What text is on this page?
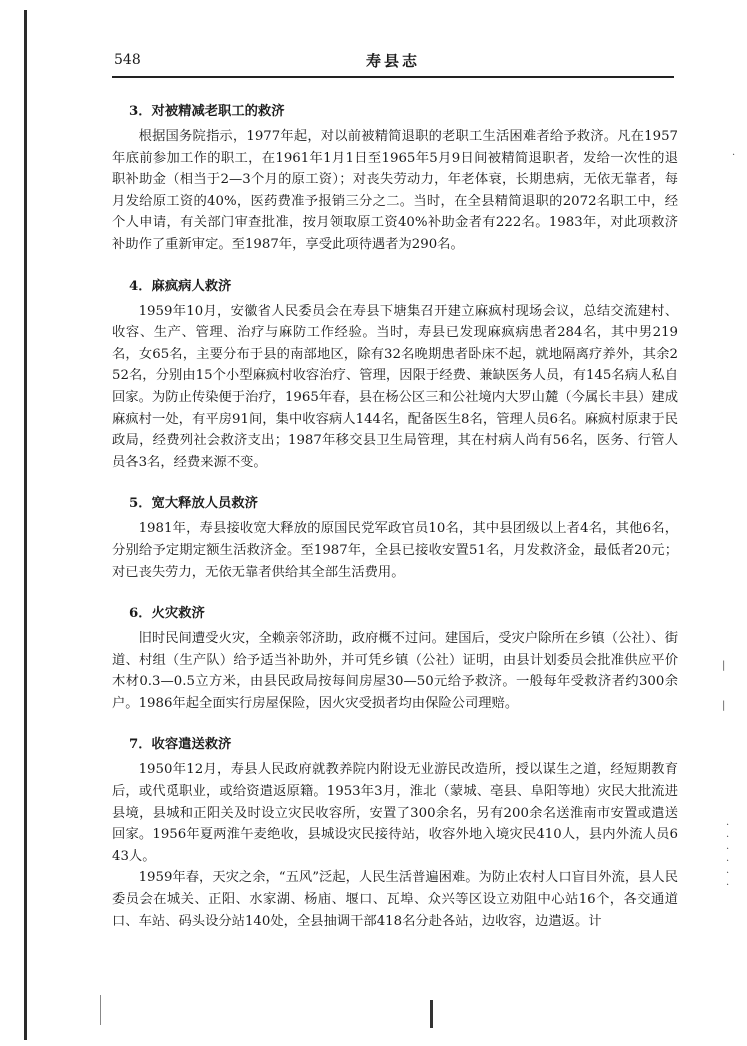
548	寿县志
3．对被精减老职工的救济

根据国务院指示，1977年起，对以前被精简退职的老职工生活困难者给予救济。凡在1957年底前参加工作的职工，在1961年1月1日至1965年5月9日间被精简退职者，发给一次性的退职补助金（相当于2—3个月的原工资）；对丧失劳动力，年老体衰，长期患病，无依无靠者，每月发给原工资的40%，医药费准予报销三分之二。当时，在全县精简退职的2072名职工中，经个人申请，有关部门审查批准，按月领取原工资40%补助金者有222名。1983年，对此项救济补助作了重新审定。至1987年，享受此项待遇者为290名。

4．麻疯病人救济

1959年10月，安徽省人民委员会在寿县下塘集召开建立麻疯村现场会议，总结交流建村、收容、生产、管理、治疗与麻防工作经验。当时，寿县已发现麻疯病患者284名，其中男219名，女65名，主要分布于县的南部地区，除有32名晚期患者卧床不起，就地隔离疗养外，其余252名，分别由15个小型麻疯村收容治疗、管理，因限于经费、兼缺医务人员，有145名病人私自回家。为防止传染便于治疗，1965年春，县在杨公区三和公社境内大罗山麓（今属长丰县）建成麻疯村一处，有平房91间，集中收容病人144名，配备医生8名，管理人员6名。麻疯村原隶于民政局，经费列社会救济支出；1987年移交县卫生局管理，其在村病人尚有56名，医务、行管人员各3名，经费来源不变。

5．宽大释放人员救济

1981年，寿县接收宽大释放的原国民党军政官员10名，其中县团级以上者4名，其他6名，分别给予定期定额生活救济金。至1987年，全县已接收安置51名，月发救济金，最低者20元；对已丧失劳力，无依无靠者供给其全部生活费用。

6．火灾救济

旧时民间遭受火灾，全赖亲邻济助，政府概不过问。建国后，受灾户除所在乡镇（公社）、街道、村组（生产队）给予适当补助外，并可凭乡镇（公社）证明，由县计划委员会批准供应平价木材0.3—0.5立方米，由县民政局按每间房屋30—50元给予救济。一般每年受救济者约300余户。1986年起全面实行房屋保险，因火灾受损者均由保险公司理赔。

7．收容遣送救济

1950年12月，寿县人民政府就教养院内附设无业游民改造所，授以谋生之道，经短期教育后，或代觅职业，或给资遣返原籍。1953年3月，淮北（蒙城、亳县、阜阳等地）灾民大批流进县境，县城和正阳关及时设立灾民收容所，安置了300余名，另有200余名送淮南市安置或遣送回家。1956年夏两淮午麦绝收，县城设灾民接待站，收容外地入境灾民410人，县内外流人员643人。

1959年春，天灾之余，“五风”泛起，人民生活普遍困难。为防止农村人口盲目外流，县人民委员会在城关、正阳、水家湖、杨庙、堰口、瓦埠、众兴等区设立劝阻中心站16个，各交通道口、车站、码头设分站140处，全县抽调干部418名分赴各站，边收容，边遣返。计

·
|
|
·
·
·
·
·
·
